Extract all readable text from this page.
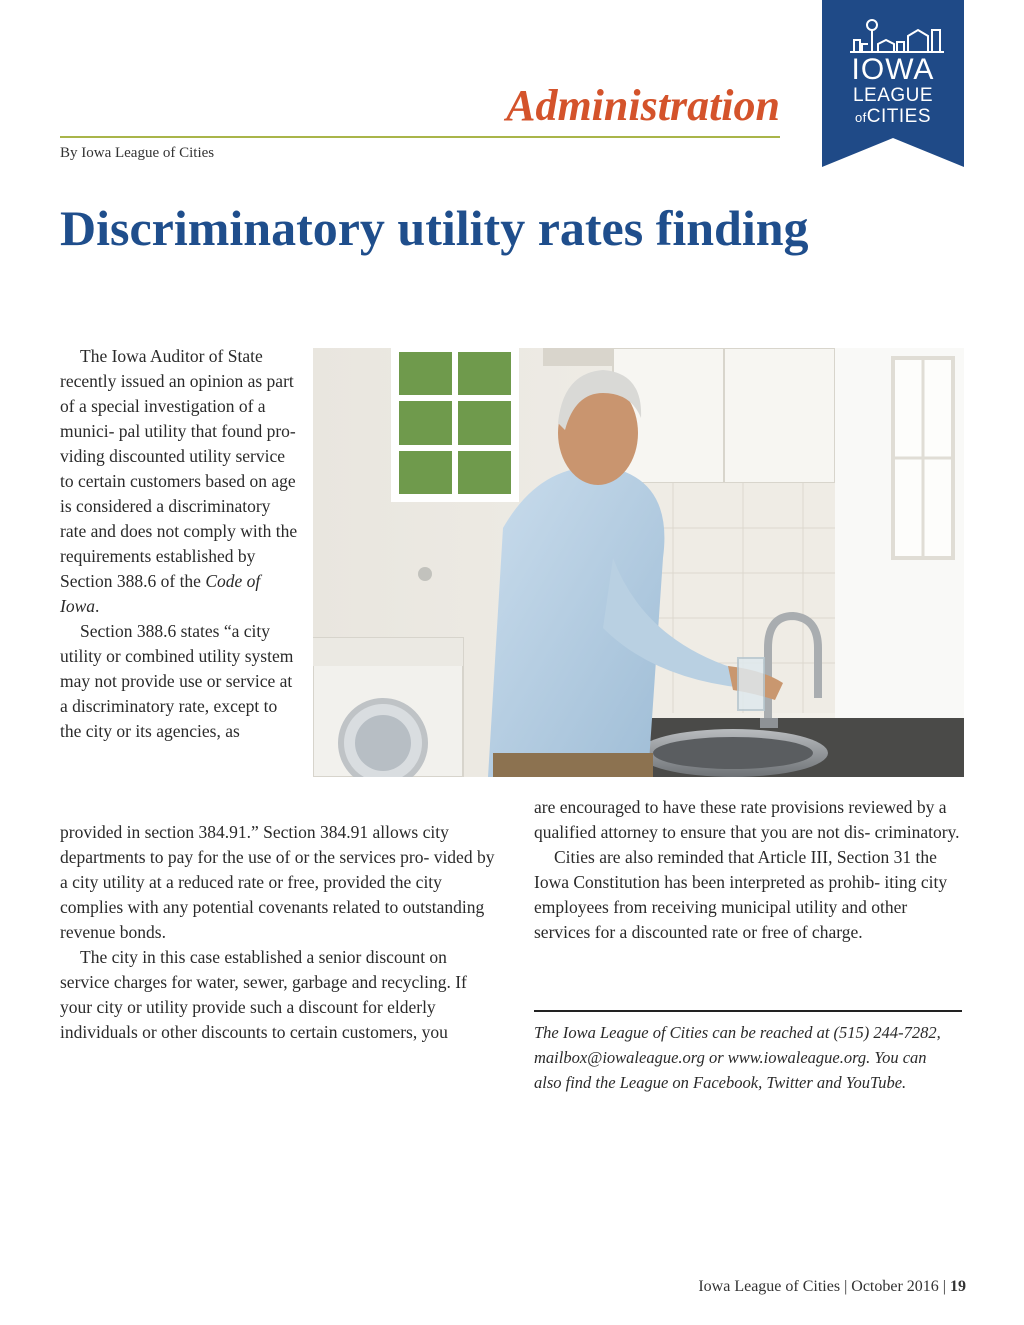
IOWA
LEAGUE
ofCITIES
Administration
By Iowa League of Cities
Discriminatory utility rates finding

The Iowa Auditor of State recently issued an opinion as part of a special investigation of a munici- pal utility that found pro- viding discounted utility service to certain customers based on age is considered a discriminatory rate and does not comply with the requirements established by Section 388.6 of the Code of Iowa.

Section 388.6 states “a city utility or combined utility system may not provide use or service at a discriminatory rate, except to the city or its agencies, as

provided in section 384.91.” Section 384.91 allows city departments to pay for the use of or the services pro- vided by a city utility at a reduced rate or free, provided the city complies with any potential covenants related to outstanding revenue bonds.

The city in this case established a senior discount on service charges for water, sewer, garbage and recycling. If your city or utility provide such a discount for elderly individuals or other discounts to certain customers, you

are encouraged to have these rate provisions reviewed by a qualified attorney to ensure that you are not dis- criminatory.

Cities are also reminded that Article III, Section 31 the Iowa Constitution has been interpreted as prohib- iting city employees from receiving municipal utility and other services for a discounted rate or free of charge.

The Iowa League of Cities can be reached at (515) 244-7282, mailbox@iowaleague.org or www.iowaleague.org. You can also find the League on Facebook, Twitter and YouTube.

Iowa League of Cities | October 2016 | 19
